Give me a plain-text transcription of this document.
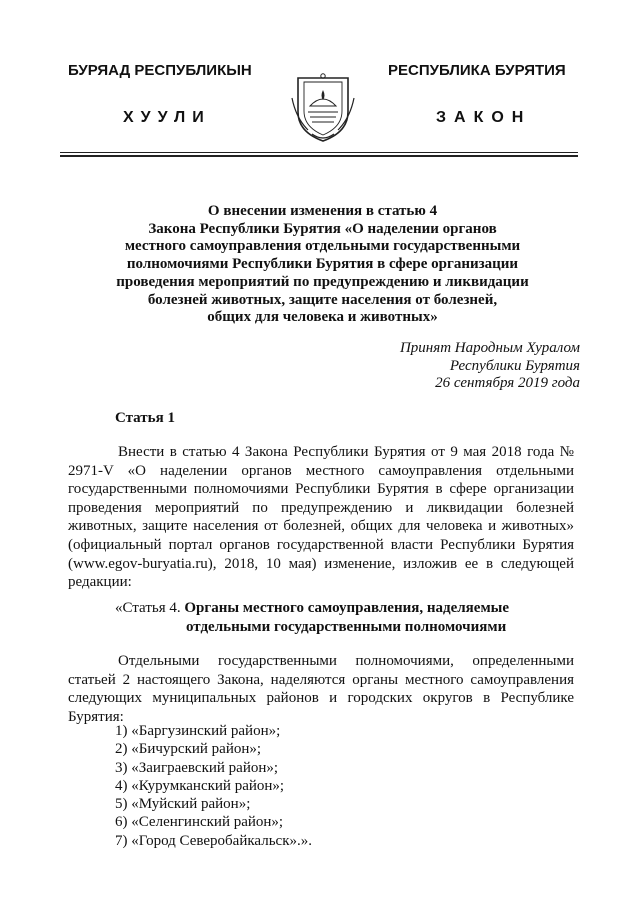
БУРЯАД РЕСПУБЛИКЫН
ХУУЛИ
РЕСПУБЛИКА БУРЯТИЯ
ЗАКОН
О внесении изменения в статью 4
Закона Республики Бурятия «О наделении органов
местного самоуправления отдельными государственными
полномочиями Республики Бурятия в сфере организации
проведения мероприятий по предупреждению и ликвидации
болезней животных, защите населения от болезней,
общих для человека и животных»
Принят Народным Хуралом
Республики Бурятия
26 сентября 2019 года
Статья 1
Внести в статью 4 Закона Республики Бурятия от 9 мая 2018 года № 2971-V «О наделении органов местного самоуправления отдельными государственными полномочиями Республики Бурятия в сфере организации проведения мероприятий по предупреждению и ликвидации болезней животных, защите населения от болезней, общих для человека и животных» (официальный портал органов государственной власти Республики Бурятия (www.egov-buryatia.ru), 2018, 10 мая) изменение, изложив ее в следующей редакции:
«Статья 4. Органы местного самоуправления, наделяемые
отдельными государственными полномочиями
Отдельными государственными полномочиями, определенными статьей 2 настоящего Закона, наделяются органы местного самоуправления следующих муниципальных районов и городских округов в Республике Бурятия:
1) «Баргузинский район»;
2) «Бичурский район»;
3) «Заиграевский район»;
4) «Курумканский район»;
5) «Муйский район»;
6) «Селенгинский район»;
7) «Город Северобайкальск».».
